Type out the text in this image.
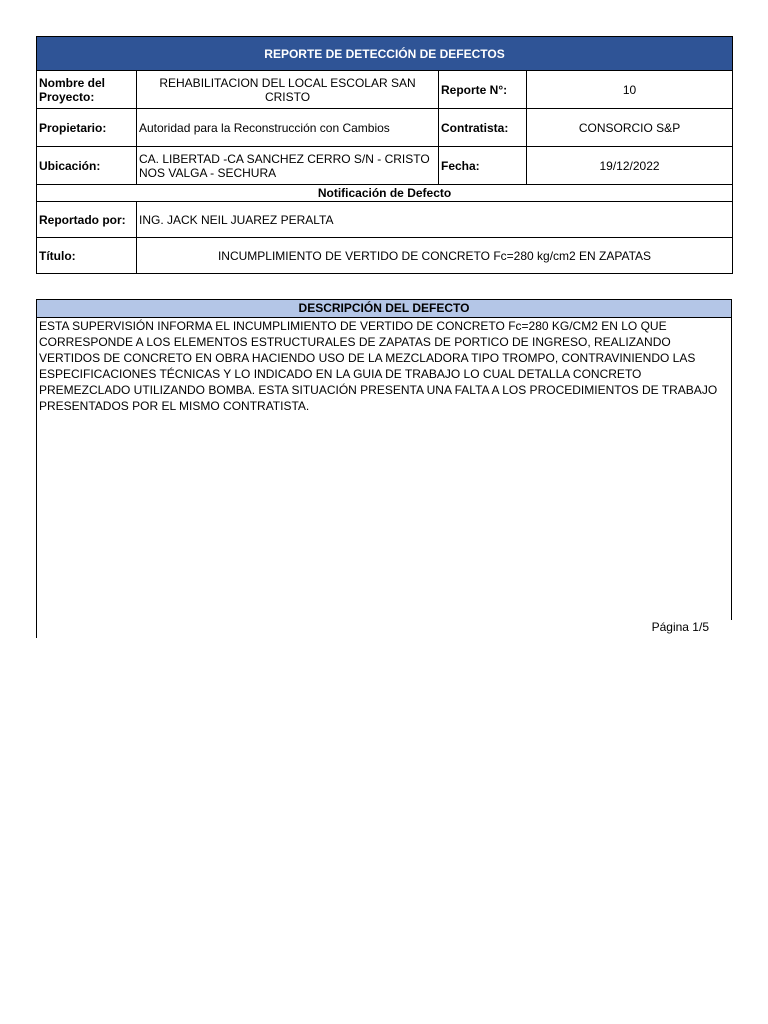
REPORTE DE DETECCIÓN DE DEFECTOS			
Nombre del Proyecto:	REHABILITACION DEL LOCAL ESCOLAR SAN CRISTO	Reporte N°:	10
Propietario:	Autoridad para la Reconstrucción con Cambios	Contratista:	CONSORCIO S&P
Ubicación:	CA. LIBERTAD -CA SANCHEZ CERRO S/N - CRISTO NOS VALGA - SECHURA	Fecha:	19/12/2022
Notificación de Defecto			
Reportado por:	ING. JACK NEIL JUAREZ PERALTA		
Título:	INCUMPLIMIENTO DE VERTIDO DE CONCRETO Fc=280 kg/cm2 EN ZAPATAS		
DESCRIPCIÓN DEL DEFECTO
ESTA SUPERVISIÓN INFORMA EL INCUMPLIMIENTO DE VERTIDO DE CONCRETO Fc=280 KG/CM2 EN LO QUE CORRESPONDE A LOS ELEMENTOS ESTRUCTURALES DE ZAPATAS DE PORTICO DE INGRESO, REALIZANDO VERTIDOS DE CONCRETO EN OBRA HACIENDO USO DE LA MEZCLADORA TIPO TROMPO, CONTRAVINIENDO LAS ESPECIFICACIONES TÉCNICAS Y LO INDICADO EN LA GUIA DE TRABAJO LO CUAL DETALLA CONCRETO PREMEZCLADO UTILIZANDO BOMBA. ESTA SITUACIÓN PRESENTA UNA FALTA A LOS PROCEDIMIENTOS DE TRABAJO PRESENTADOS POR EL MISMO CONTRATISTA.
Página 1/5
